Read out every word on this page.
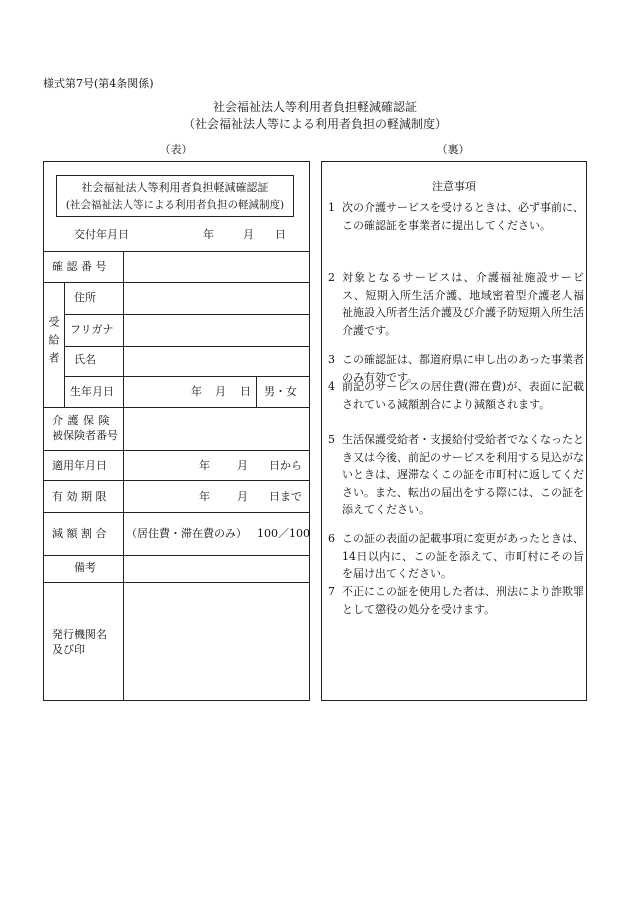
様式第7号(第4条関係)
社会福祉法人等利用者負担軽減確認証
（社会福祉法人等による利用者負担の軽減制度）
（表）	（裏）
社会福祉法人等利用者負担軽減確認証
(社会福祉法人等による利用者負担の軽減制度)
交付年月日	年	月 日
確 認 番 号
受給者
住所
フリガナ
氏名
生年月日	年 月 日 男・女
介 護 保 険
被保険者番号
適用年月日	年 月 日から
有 効 期 限	年 月 日まで
減 額 割 合 （居住費・滞在費のみ） 100／100
備考
発行機関名
及び印
注意事項
1 次の介護サービスを受けるときは、必ず事前に、この確認証を事業者に提出してください。
2 対象となるサービスは、介護福祉施設サービス、短期入所生活介護、地域密着型介護老人福祉施設入所者生活介護及び介護予防短期入所生活介護です。
3 この確認証は、都道府県に申し出のあった事業者のみ有効です。
4 前記のサービスの居住費(滞在費)が、表面に記載されている減額割合により減額されます。
5 生活保護受給者・支援給付受給者でなくなったとき又は今後、前記のサービスを利用する見込がないときは、遅滞なくこの証を市町村に返してください。また、転出の届出をする際には、この証を添えてください。
6 この証の表面の記載事項に変更があったときは、14日以内に、この証を添えて、市町村にその旨を届け出てください。
7 不正にこの証を使用した者は、刑法により詐欺罪として懲役の処分を受けます。
